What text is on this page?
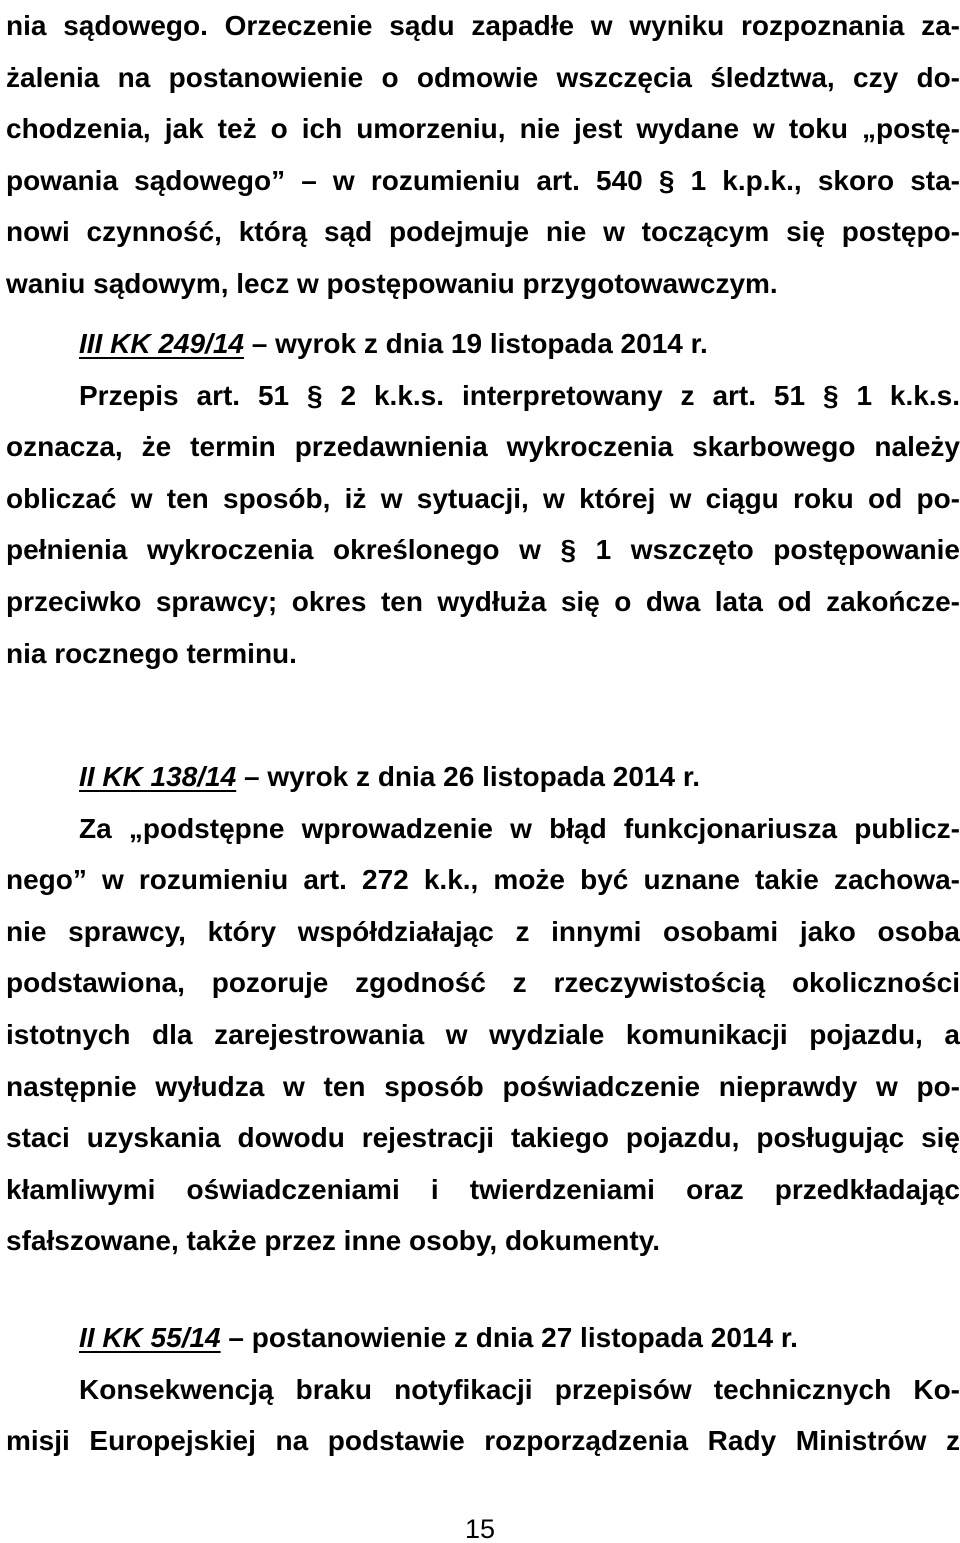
nia sądowego. Orzeczenie sądu zapadłe w wyniku rozpoznania za-
żalenia na postanowienie o odmowie wszczęcia śledztwa, czy do-
chodzenia, jak też o ich umorzeniu, nie jest wydane w toku „postę-
powania sądowego” – w rozumieniu art. 540 § 1 k.p.k., skoro sta-
nowi czynność, którą sąd podejmuje nie w toczącym się postępo-
waniu sądowym, lecz w postępowaniu przygotowawczym.
III KK 249/14 – wyrok z dnia 19 listopada 2014 r.
Przepis art. 51 § 2 k.k.s. interpretowany z art. 51 § 1 k.k.s.
oznacza, że termin przedawnienia wykroczenia skarbowego należy
obliczać w ten sposób, iż w sytuacji, w której w ciągu roku od po-
pełnienia wykroczenia określonego w § 1 wszczęto postępowanie
przeciwko sprawcy; okres ten wydłuża się o dwa lata od zakończe-
nia rocznego terminu.
II KK 138/14 – wyrok z dnia 26 listopada 2014 r.
Za „podstępne wprowadzenie w błąd funkcjonariusza publicz-
nego” w rozumieniu art. 272 k.k., może być uznane takie zachowa-
nie sprawcy, który współdziałając z innymi osobami jako osoba
podstawiona, pozoruje zgodność z rzeczywistością okoliczności
istotnych dla zarejestrowania w wydziale komunikacji pojazdu, a
następnie wyłudza w ten sposób poświadczenie nieprawdy w po-
staci uzyskania dowodu rejestracji takiego pojazdu, posługując się
kłamliwymi oświadczeniami i twierdzeniami oraz przedkładając
sfałszowane, także przez inne osoby, dokumenty.
II KK 55/14 – postanowienie z dnia 27 listopada 2014 r.
Konsekwencją braku notyfikacji przepisów technicznych Ko-
misji Europejskiej na podstawie rozporządzenia Rady Ministrów z
15
